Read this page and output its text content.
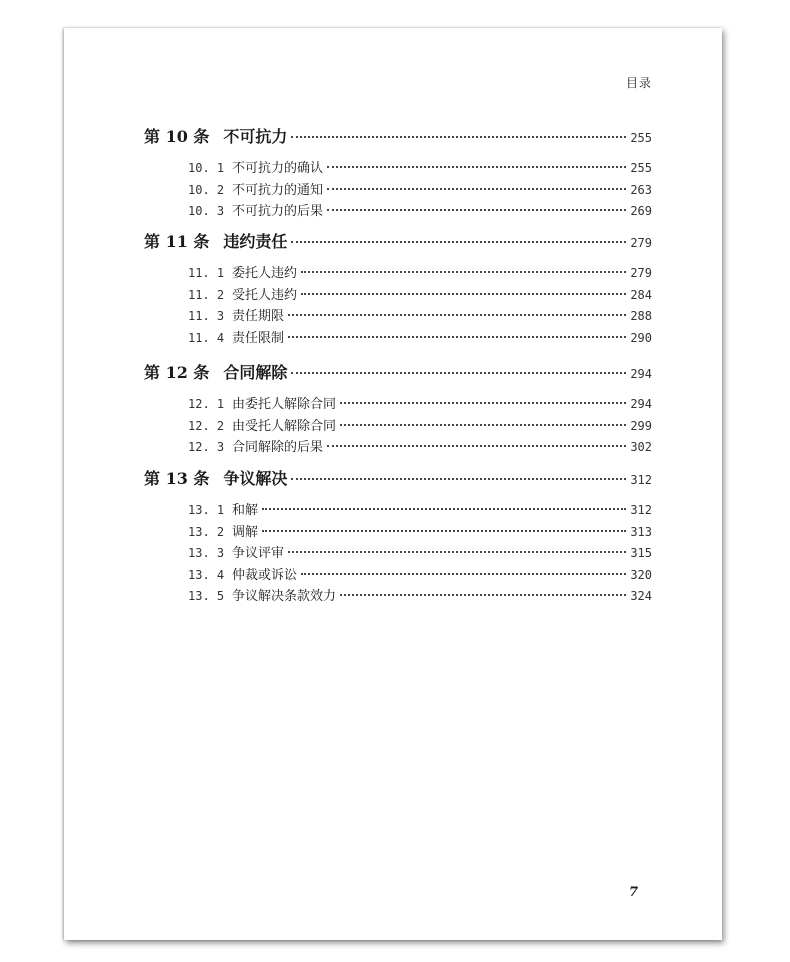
目录
第 10 条 不可抗力	255
10. 1 不可抗力的确认	255
10. 2 不可抗力的通知	263
10. 3 不可抗力的后果	269
第 11 条 违约责任	279
11. 1 委托人违约	279
11. 2 受托人违约	284
11. 3 责任期限	288
11. 4 责任限制	290
第 12 条 合同解除	294
12. 1 由委托人解除合同	294
12. 2 由受托人解除合同	299
12. 3 合同解除的后果	302
第 13 条 争议解决	312
13. 1 和解	312
13. 2 调解	313
13. 3 争议评审	315
13. 4 仲裁或诉讼	320
13. 5 争议解决条款效力	324
7
